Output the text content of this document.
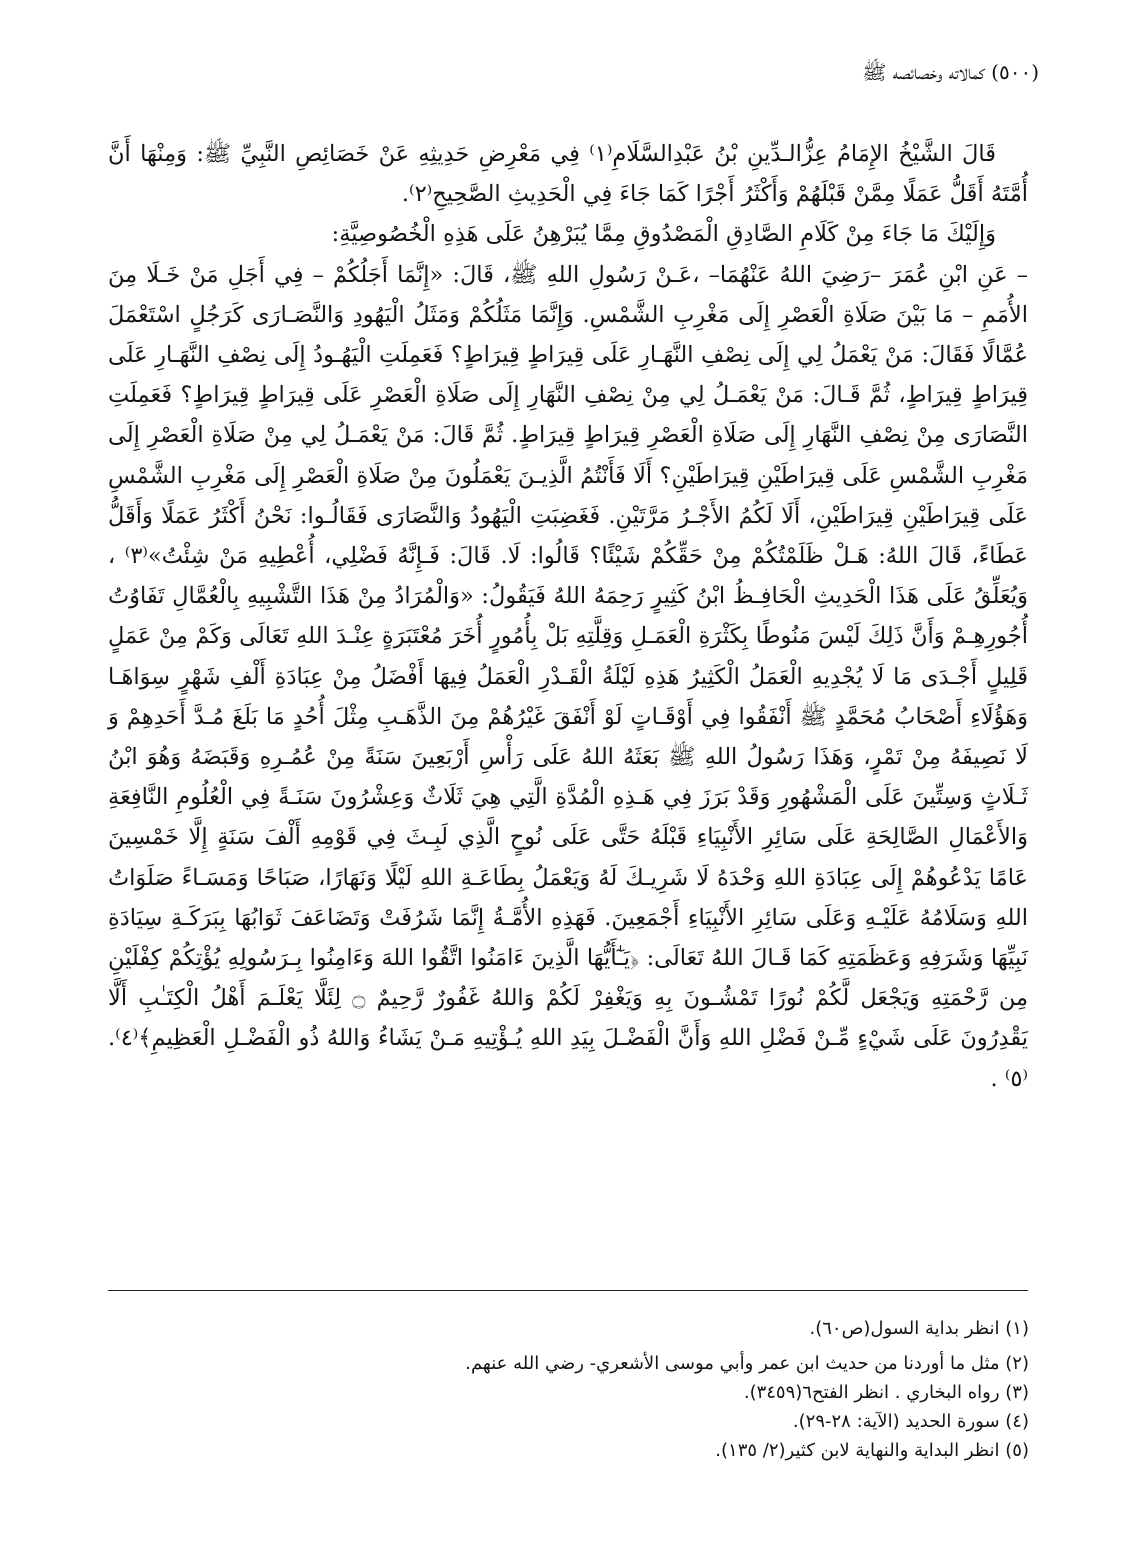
(٥٠٠) كمالاته وخصائصه ﷺ

قَالَ الشَّيْخُ الإِمَامُ عِزُّالـدِّينِ بْنُ عَبْدِالسَّلَامِ⁽١⁾ فِي مَعْرِضِ حَدِيثِهِ عَنْ خَصَائِصِ النَّبِيِّ ﷺ: وَمِنْهَا أَنَّ أُمَّتَهُ أَقَلُّ عَمَلًا مِمَّنْ قَبْلَهُمْ وَأَكْثَرُ أَجْرًا كَمَا جَاءَ فِي الْحَدِيثِ الصَّحِيحِ⁽٢⁾.

وَإِلَيْكَ مَا جَاءَ مِنْ كَلَامِ الصَّادِقِ الْمَصْدُوقِ مِمَّا يُبَرْهِنُ عَلَى هَذِهِ الْخُصُوصِيَّةِ:

– عَنِ ابْنِ عُمَرَ –رَضِيَ اللهُ عَنْهُمَا– ،عَـنْ رَسُولِ اللهِ ﷺ، قَالَ: «إِنَّمَا أَجَلُكُمْ – فِي أَجَلِ مَنْ خَـلَا مِنَ الأُمَمِ – مَا بَيْنَ صَلَاةِ الْعَصْرِ إِلَى مَغْرِبِ الشَّمْسِ. وَإِنَّمَا مَثَلُكُمْ وَمَثَلُ الْيَهُودِ وَالنَّصَـارَى كَرَجُلٍ اسْتَعْمَلَ عُمَّالًا فَقَالَ: مَنْ يَعْمَلُ لِي إِلَى نِصْفِ النَّهَـارِ عَلَى قِيرَاطٍ قِيرَاطٍ؟ فَعَمِلَتِ الْيَهُـودُ إِلَى نِصْفِ النَّهَـارِ عَلَى قِيرَاطٍ قِيرَاطٍ، ثُمَّ قَـالَ: مَنْ يَعْمَـلُ لِي مِنْ نِصْفِ النَّهَارِ إِلَى صَلَاةِ الْعَصْرِ عَلَى قِيرَاطٍ قِيرَاطٍ؟ فَعَمِلَتِ النَّصَارَى مِنْ نِصْفِ النَّهَارِ إِلَى صَلَاةِ الْعَصْرِ قِيرَاطٍ قِيرَاطٍ. ثُمَّ قَالَ: مَنْ يَعْمَـلُ لِي مِنْ صَلَاةِ الْعَصْرِ إِلَى مَغْرِبِ الشَّمْسِ عَلَى قِيرَاطَيْنِ قِيرَاطَيْنِ؟ أَلَا فَأَنْتُمُ الَّذِيـنَ يَعْمَلُونَ مِنْ صَلَاةِ الْعَصْرِ إِلَى مَغْرِبِ الشَّمْسِ عَلَى قِيرَاطَيْنِ قِيرَاطَيْنِ، أَلَا لَكُمُ الأَجْـرُ مَرَّتَيْنِ. فَغَضِبَتِ الْيَهُودُ وَالنَّصَارَى فَقَالُـوا: نَحْنُ أَكْثَرُ عَمَلًا وَأَقَلُّ عَطَاءً، قَالَ اللهُ: هَـلْ ظَلَمْتُكُمْ مِنْ حَقِّكُمْ شَيْئًا؟ قَالُوا: لَا. قَالَ: فَـإِنَّهُ فَضْلِي، أُعْطِيهِ مَنْ شِئْتُ»⁽٣⁾ ، وَيُعَلِّقُ عَلَى هَذَا الْحَدِيثِ الْحَافِـظُ ابْنُ كَثِيرٍ رَحِمَهُ اللهُ فَيَقُولُ: «وَالْمُرَادُ مِنْ هَذَا التَّشْبِيهِ بِالْعُمَّالِ تَفَاوُتُ أُجُورِهِـمْ وَأَنَّ ذَلِكَ لَيْسَ مَنُوطًا بِكَثْرَةِ الْعَمَـلِ وَقِلَّتِهِ بَلْ بِأُمُورٍ أُخَرَ مُعْتَبَرَةٍ عِنْـدَ اللهِ تَعَالَى وَكَمْ مِنْ عَمَلٍ قَلِيلٍ أَجْـدَى مَا لَا يُجْدِيهِ الْعَمَلُ الْكَثِيرُ هَذِهِ لَيْلَةُ الْقَـدْرِ الْعَمَلُ فِيهَا أَفْضَلُ مِنْ عِبَادَةِ أَلْفِ شَهْرٍ سِوَاهَـا وَهَؤُلَاءِ أَصْحَابُ مُحَمَّدٍ ﷺ أَنْفَقُوا فِي أَوْقَـاتٍ لَوْ أَنْفَقَ غَيْرُهُمْ مِنَ الذَّهَـبِ مِثْلَ أُحُدٍ مَا بَلَغَ مُـدَّ أَحَدِهِمْ وَ لَا نَصِيفَهُ مِنْ تَمْرٍ، وَهَذَا رَسُولُ اللهِ ﷺ بَعَثَهُ اللهُ عَلَى رَأْسِ أَرْبَعِينَ سَنَةً مِنْ عُمُـرِهِ وَقَبَضَهُ وَهُوَ ابْنُ ثَـلَاثٍ وَسِتِّينَ عَلَى الْمَشْهُورِ وَقَدْ بَرَزَ فِي هَـذِهِ الْمُدَّةِ الَّتِي هِيَ ثَلَاثٌ وَعِشْرُونَ سَنَـةً فِي الْعُلُومِ النَّافِعَةِ وَالأَعْمَالِ الصَّالِحَةِ عَلَى سَائِرِ الأَنْبِيَاءِ قَبْلَهُ حَتَّى عَلَى نُوحٍ الَّذِي لَبِـثَ فِي قَوْمِهِ أَلْفَ سَنَةٍ إِلَّا خَمْسِينَ عَامًا يَدْعُوهُمْ إِلَى عِبَادَةِ اللهِ وَحْدَهُ لَا شَرِيـكَ لَهُ وَيَعْمَلُ بِطَاعَـةِ اللهِ لَيْلًا وَنَهَارًا، صَبَاحًا وَمَسَـاءً صَلَوَاتُ اللهِ وَسَلَامُهُ عَلَيْـهِ وَعَلَى سَائِرِ الأَنْبِيَاءِ أَجْمَعِينَ. فَهَذِهِ الأُمَّـةُ إِنَّمَا شَرُفَتْ وَتَضَاعَفَ ثَوَابُهَا بِبَرَكَـةِ سِيَادَةِ نَبِيِّهَا وَشَرَفِهِ وَعَظَمَتِهِ كَمَا قَـالَ اللهُ تَعَالَى: ﴿يَـٰٓأَيُّهَا الَّذِينَ ءَامَنُوا اتَّقُوا اللهَ وَءَامِنُوا بِـرَسُولِهِ يُؤْتِكُمْ كِفْلَيْنِ مِن رَّحْمَتِهِ وَيَجْعَل لَّكُمْ نُورًا تَمْشُـونَ بِهِ وَيَغْفِرْ لَكُمْ وَاللهُ غَفُورٌ رَّحِيمٌ ۝ لِئَلَّا يَعْلَـمَ أَهْلُ الْكِتَـٰبِ أَلَّا يَقْدِرُونَ عَلَى شَيْءٍ مِّـنْ فَضْلِ اللهِ وَأَنَّ الْفَضْـلَ بِيَدِ اللهِ يُـؤْتِيهِ مَـنْ يَشَاءُ وَاللهُ ذُو الْفَضْـلِ الْعَظِيمِ﴾⁽٤⁾.⁽٥⁾ .

(١) انظر بداية السول(ص٦٠).
(٢) مثل ما أوردنا من حديث ابن عمر وأبي موسى الأشعري- رضي الله عنهم.
(٣) رواه البخاري . انظر الفتح٦(٣٤٥٩).
(٤) سورة الحديد (الآية: ٢٨-٢٩).
(٥) انظر البداية والنهاية لابن كثير(٢/ ١٣٥).
